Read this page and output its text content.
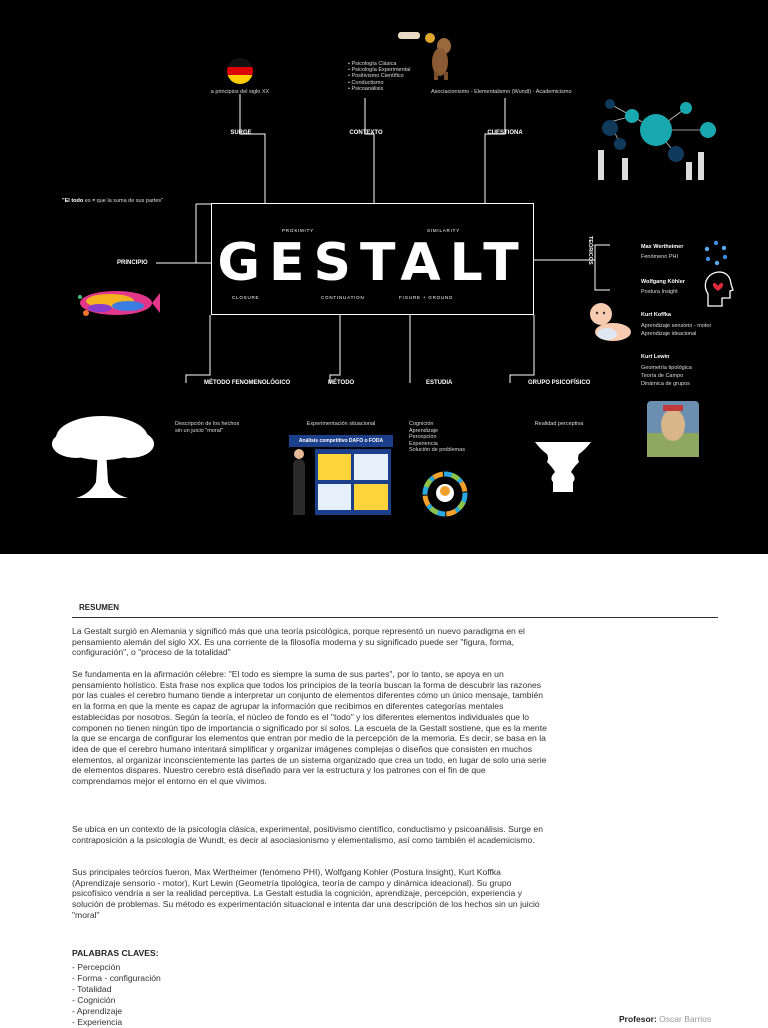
a principios del siglo XX
SURGE
• Psicología Clásica
• Psicología Experimental
• Positivismo Científico
• Conductismo
• Psicoanálisis
CONTEXTO
Asociacionismo - Elementalismo (Wundt) - Academicismo
CUESTIONA
"El todo es ≠ que la suma de sus partes"
PRINCIPIO
PROXIMITY	SIMILARITY
GESTALT
CLOSURE	CONTINUATION	FIGURE + GROUND
TEÓRICOS	Max Wertheimer
Fenómeno PHI
Wolfgang Köhler
Postura Insight
Kurt Koffka
Aprendizaje sensorio - motor
Aprendizaje ideacional
Kurt Lewin
Geometría tipológica
Teoría de Campo
Dinámica de grupos
MÉTODO FENOMENOLÓGICO	MÉTODO	ESTUDIA	GRUPO PSICOFÍSICO
Descripción de los hechos
sin un juicio "moral"
Experimentación situacional
Análisis competitivo DAFO o FODA
Cognición
Aprendizaje
Percepción
Experiencia
Solución de problemas
Realidad perceptiva
RESUMEN

La Gestalt surgió en Alemania y significó más que una teoría psicológica, porque representó un nuevo paradigma en el pensamiento alemán del siglo XX. Es una corriente de la filosofía moderna y su significado puede ser "figura, forma, configuración", o "proceso de la totalidad"

Se fundamenta en la afirmación célebre: "El todo es siempre la suma de sus partes", por lo tanto, se apoya en un pensamiento holístico. Esta frase nos explica que todos los principios de la teoría buscan la forma de descubrir las razones por las cuales el cerebro humano tiende a interpretar un conjunto de elementos diferentes cómo un único mensaje, también en la forma en que la mente es capaz de agrupar la información que recibimos en diferentes categorías mentales establecidas por nosotros. Según la teoría, el núcleo de fondo es el "todo" y los diferentes elementos individuales que lo componen no tienen ningún tipo de importancia o significado por sí solos. La escuela de la Gestalt sostiene, que es la mente la que se encarga de configurar los elementos que entran por medio de la percepción de la memoria. Es decir, se basa en la idea de que el cerebro humano intentará simplificar y organizar imágenes complejas o diseños que consisten en muchos elementos, al organizar inconscientemente las partes de un sistema organizado que crea un todo, en lugar de solo una serie de elementos dispares. Nuestro cerebro está diseñado para ver la estructura y los patrones con el fin de que comprendamos mejor el entorno en el que vivimos.

Se ubica en un contexto de la psicología clásica, experimental, positivismo científico, conductismo y psicoanálisis. Surge en contraposición a la psicología de Wundt, es decir al asociasionismo y elementalismo, así como también el academicismo.

Sus principales teórcios fueron, Max Wertheimer (fenómeno PHI), Wolfgang Kohler (Postura Insight), Kurt Koffka (Aprendizaje sensorio - motor), Kurt Lewin (Geometría tipológica, teoría de campo y dinámica ideacional). Su grupo psicofísico vendría a ser la realidad perceptiva. La Gestalt estudia la cognición, aprendizaje, percepción, experiencia y solución de problemas. Su método es experimentación situacional e intenta dar una descripción de los hechos sin un juicio "moral"

PALABRAS CLAVES:
- Percepción
- Forma - configuración
- Totalidad
- Cognición
- Aprendizaje
- Experiencia	Profesor: Oscar Barrios
